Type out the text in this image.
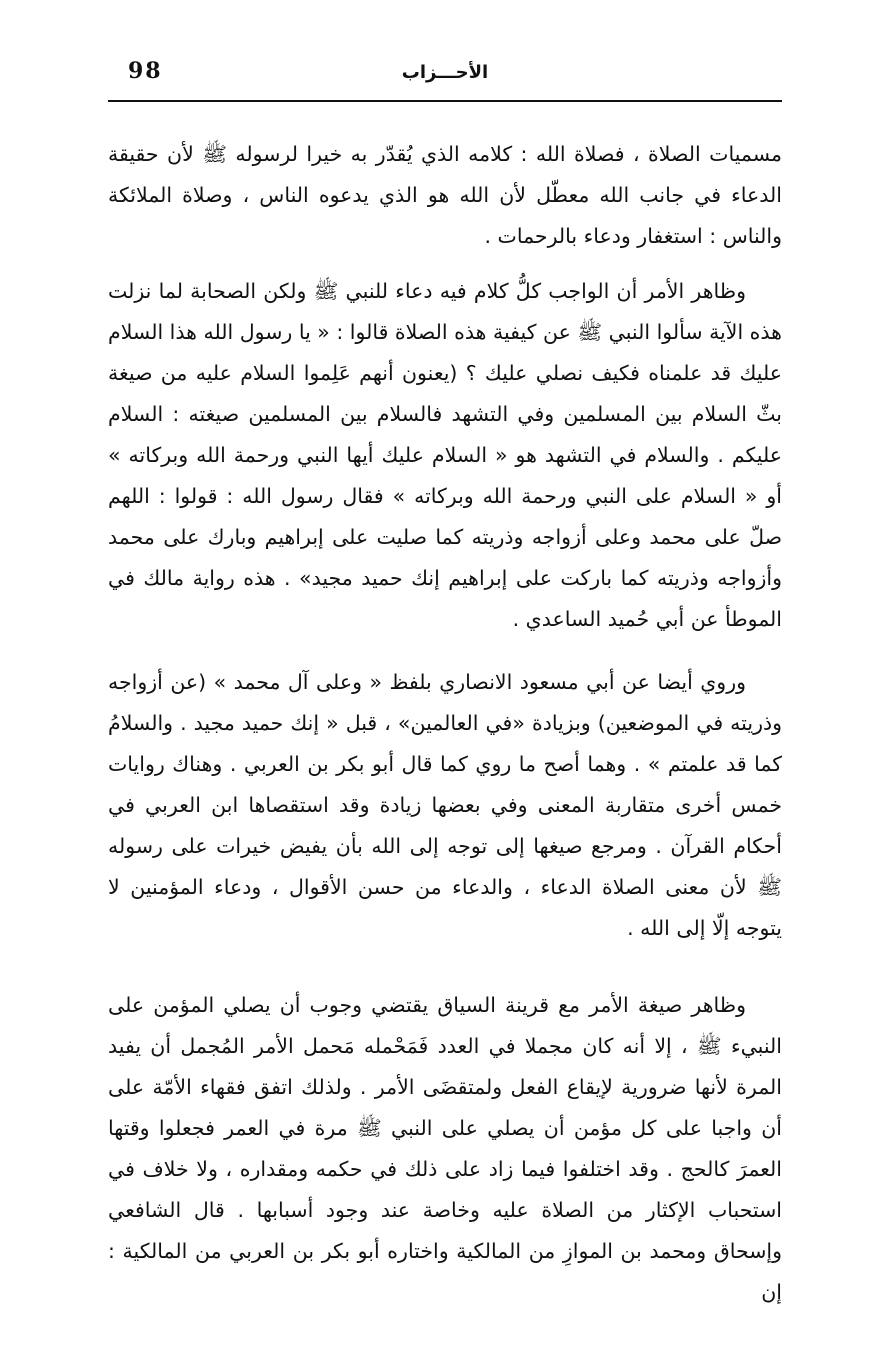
98	الأحـــزاب

مسميات الصلاة ، فصلاة الله : كلامه الذي يُقدّر به خيرا لرسوله ﷺ لأن حقيقة الدعاء في جانب الله معطّل لأن الله هو الذي يدعوه الناس ، وصلاة الملائكة والناس : استغفار ودعاء بالرحمات .

وظاهر الأمر أن الواجب كلُّ كلام فيه دعاء للنبي ﷺ ولكن الصحابة لما نزلت هذه الآية سألوا النبي ﷺ عن كيفية هذه الصلاة قالوا : « يا رسول الله هذا السلام عليك قد علمناه فكيف نصلي عليك ؟ (يعنون أنهم عَلِموا السلام عليه من صيغة بثّ السلام بين المسلمين وفي التشهد فالسلام بين المسلمين صيغته : السلام عليكم . والسلام في التشهد هو « السلام عليك أيها النبي ورحمة الله وبركاته » أو « السلام على النبي ورحمة الله وبركاته » فقال رسول الله : قولوا : اللهم صلّ على محمد وعلى أزواجه وذريته كما صليت على إبراهيم وبارك على محمد وأزواجه وذريته كما باركت على إبراهيم إنك حميد مجيد» . هذه رواية مالك في الموطأ عن أبي حُميد الساعدي .

وروي أيضا عن أبي مسعود الانصاري بلفظ « وعلى آل محمد » (عن أزواجه وذريته في الموضعين) وبزيادة «في العالمين» ، قبل « إنك حميد مجيد . والسلامُ كما قد علمتم » . وهما أصح ما روي كما قال أبو بكر بن العربي . وهناك روايات خمس أخرى متقاربة المعنى وفي بعضها زيادة وقد استقصاها ابن العربي في أحكام القرآن . ومرجع صيغها إلى توجه إلى الله بأن يفيض خيرات على رسوله ﷺ لأن معنى الصلاة الدعاء ، والدعاء من حسن الأقوال ، ودعاء المؤمنين لا يتوجه إلّا إلى الله .

وظاهر صيغة الأمر مع قرينة السياق يقتضي وجوب أن يصلي المؤمن على النبيء ﷺ ، إلا أنه كان مجملا في العدد فَمَحْمله مَحمل الأمر المُجمل أن يفيد المرة لأنها ضرورية لإيقاع الفعل ولمتقضَى الأمر . ولذلك اتفق فقهاء الأمّة على أن واجبا على كل مؤمن أن يصلي على النبي ﷺ مرة في العمر فجعلوا وقتها العمرَ كالحج . وقد اختلفوا فيما زاد على ذلك في حكمه ومقداره ، ولا خلاف في استحباب الإكثار من الصلاة عليه وخاصة عند وجود أسبابها . قال الشافعي وإسحاق ومحمد بن الموازِ من المالكية واختاره أبو بكر بن العربي من المالكية : إن
